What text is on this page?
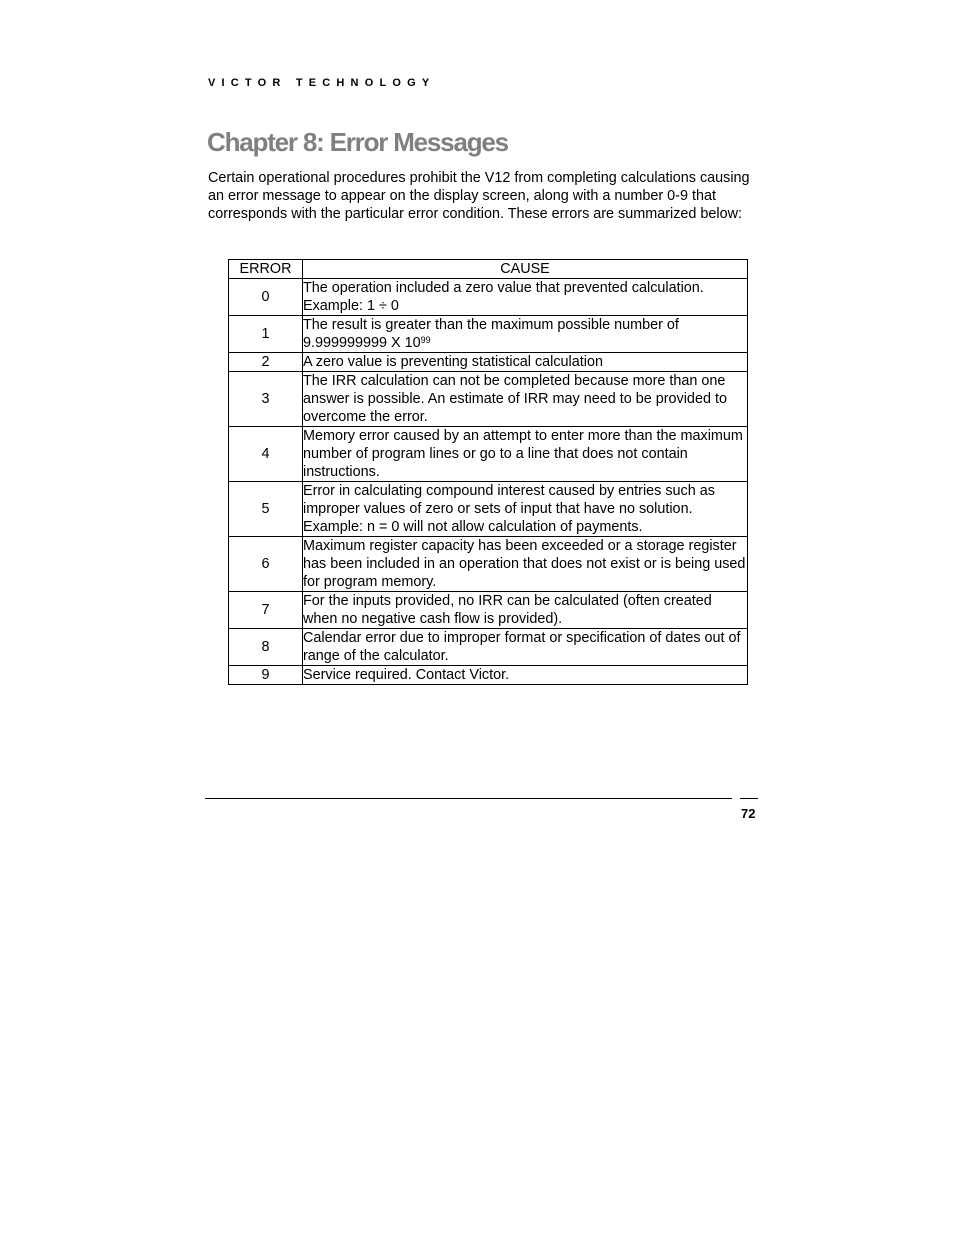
VICTOR TECHNOLOGY
Chapter 8: Error Messages

Certain operational procedures prohibit the V12 from completing calculations causing an error message to appear on the display screen, along with a number 0-9 that corresponds with the particular error condition. These errors are summarized below:

ERROR	CAUSE
0	The operation included a zero value that prevented calculation.
Example: 1 ÷ 0

1	The result is greater than the maximum possible number of
9.999999999 X $10^{99}$

2	A zero value is preventing statistical calculation
3	The IRR calculation can not be completed because more than one answer is possible. An estimate of IRR may need to be provided to overcome the error.
4	Memory error caused by an attempt to enter more than the maximum number of program lines or go to a line that does not contain instructions.
5	Error in calculating compound interest caused by entries such as improper values of zero or sets of input that have no solution.
Example: n = 0 will not allow calculation of payments.

6	Maximum register capacity has been exceeded or a storage register has been included in an operation that does not exist or is being used for program memory.
7	For the inputs provided, no IRR can be calculated (often created when no negative cash flow is provided).
8	Calendar error due to improper format or specification of dates out of range of the calculator.
9	Service required. Contact Victor.
72
